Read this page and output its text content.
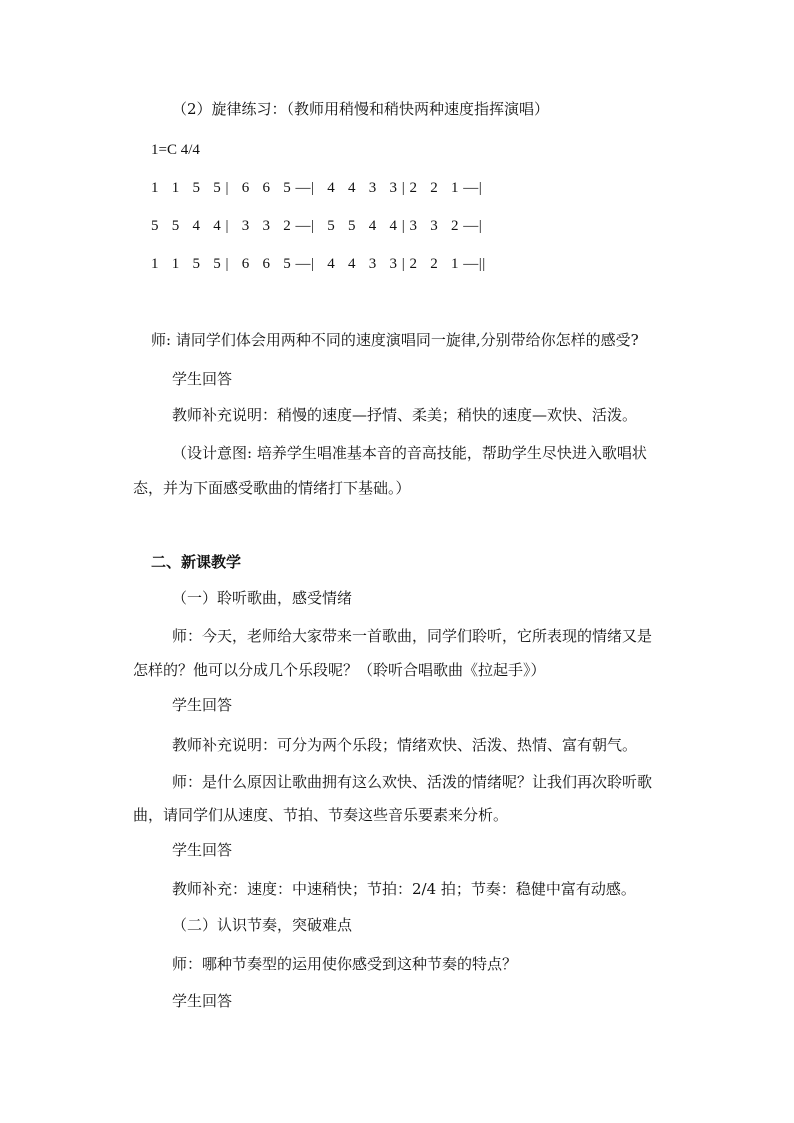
（2）旋律练习：（教师用稍慢和稍快两种速度指挥演唱）
1=C 4/4
1   1   5   5 |   6   6   5 —|   4   4   3   3 | 2   2   1 —|
5   5   4   4 |   3   3   2 —|   5   5   4   4 | 3   3   2 —|
1   1   5   5 |   6   6   5 —|   4   4   3   3 | 2   2   1 —||
师: 请同学们体会用两种不同的速度演唱同一旋律,分别带给你怎样的感受?
学生回答
教师补充说明：稍慢的速度—抒情、柔美；稍快的速度—欢快、活泼。
（设计意图: 培养学生唱准基本音的音高技能，帮助学生尽快进入歌唱状
态，并为下面感受歌曲的情绪打下基础。）
二、新课教学
（一）聆听歌曲，感受情绪
师：今天，老师给大家带来一首歌曲，同学们聆听，它所表现的情绪又是
怎样的？他可以分成几个乐段呢？（聆听合唱歌曲《拉起手》）
学生回答
教师补充说明：可分为两个乐段；情绪欢快、活泼、热情、富有朝气。
师：是什么原因让歌曲拥有这么欢快、活泼的情绪呢？让我们再次聆听歌
曲，请同学们从速度、节拍、节奏这些音乐要素来分析。
学生回答
教师补充：速度：中速稍快；节拍：2/4 拍；节奏：稳健中富有动感。
（二）认识节奏，突破难点
师：哪种节奏型的运用使你感受到这种节奏的特点？
学生回答
